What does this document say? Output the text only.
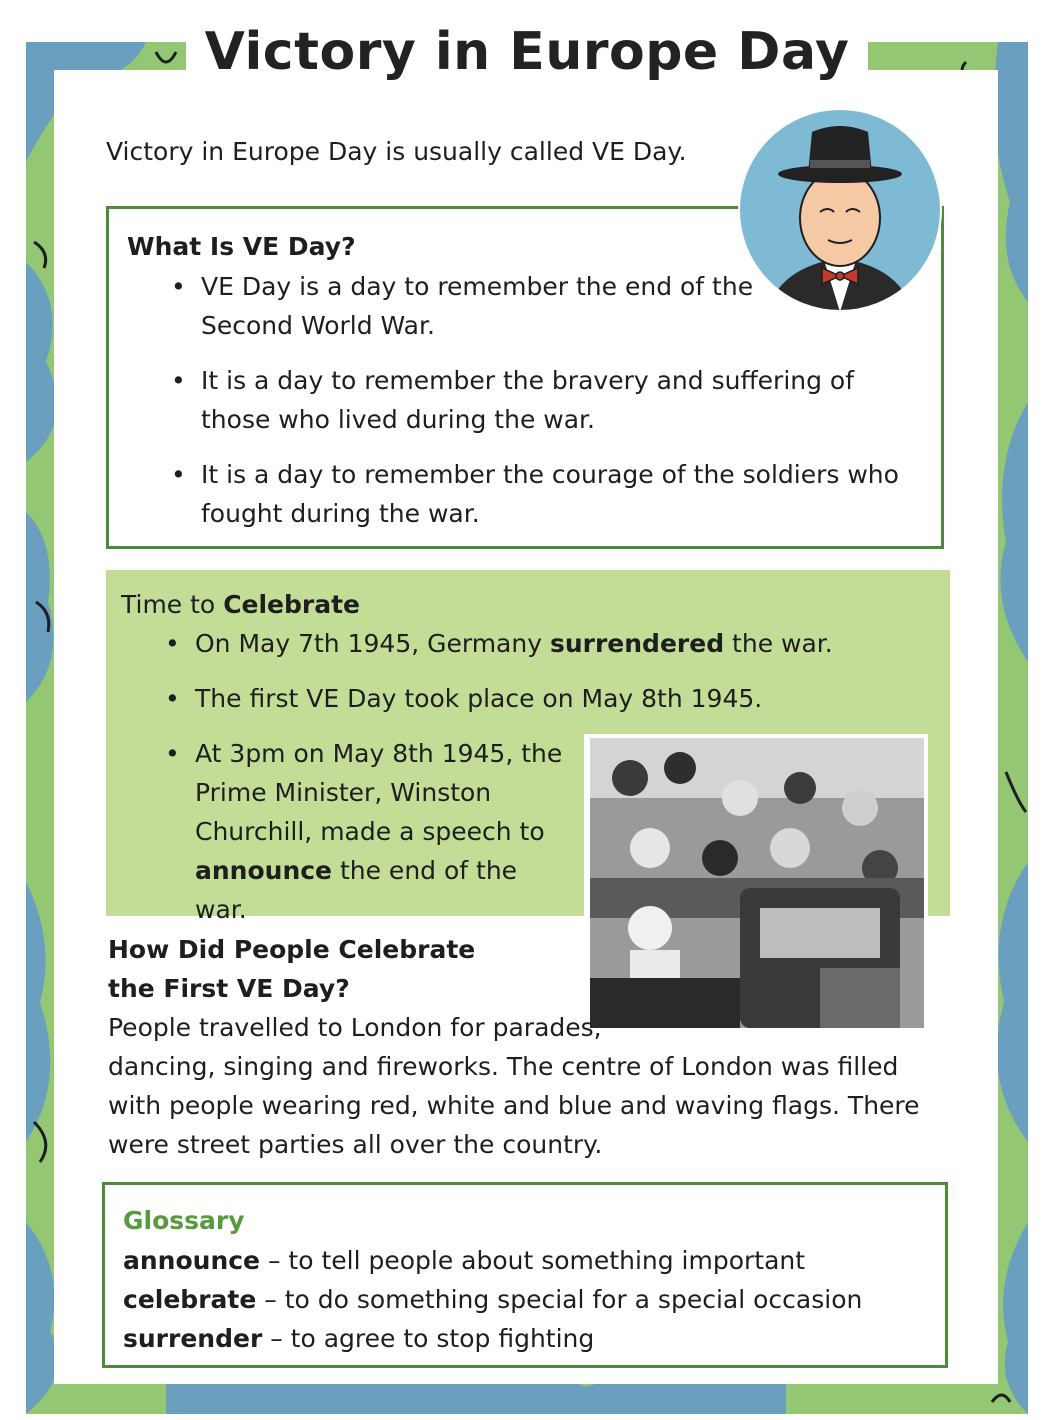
Victory in Europe Day
Victory in Europe Day is usually called VE Day.

What Is VE Day?

• VE Day is a day to remember the end of the Second World War.
• It is a day to remember the bravery and suffering of those who lived during the war.
• It is a day to remember the courage of the soldiers who fought during the war.

Time to Celebrate

• On May 7th 1945, Germany surrendered the war.
• The first VE Day took place on May 8th 1945.
• At 3pm on May 8th 1945, the Prime Minister, Winston Churchill, made a speech to announce the end of the war.

How Did People Celebrate the First VE Day?

People travelled to London for parades, dancing, singing and fireworks. The centre of London was filled with people wearing red, white and blue and waving flags. There were street parties all over the country.

Glossary

announce – to tell people about something important
celebrate – to do something special for a special occasion
surrender – to agree to stop fighting
